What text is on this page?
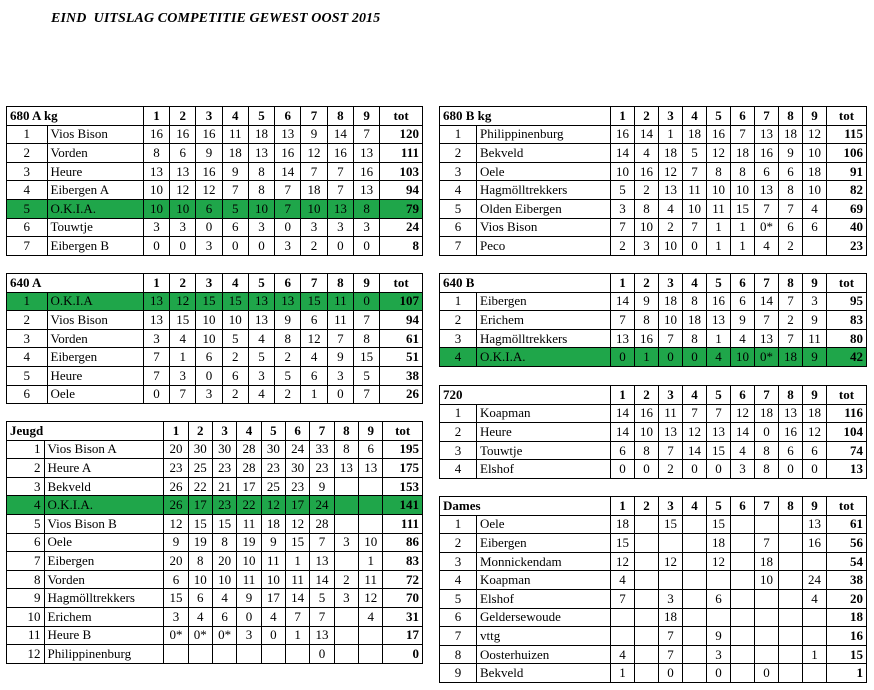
EIND  UITSLAG COMPETITIE GEWEST OOST 2015
680 A kg		1	2	3	4	5	6	7	8	9	tot
1	Vios Bison	16	16	16	11	18	13	9	14	7	120
2	Vorden	8	6	9	18	13	16	12	16	13	111
3	Heure	13	13	16	9	8	14	7	7	16	103
4	Eibergen A	10	12	12	7	8	7	18	7	13	94
5	O.K.I.A.	10	10	6	5	10	7	10	13	8	79
6	Touwtje	3	3	0	6	3	0	3	3	3	24
7	Eibergen B	0	0	3	0	0	3	2	0	0	8
680 B kg		1	2	3	4	5	6	7	8	9	tot
1	Philippinenburg	16	14	1	18	16	7	13	18	12	115
2	Bekveld	14	4	18	5	12	18	16	9	10	106
3	Oele	10	16	12	7	8	8	6	6	18	91
4	Hagmölltrekkers	5	2	13	11	10	10	13	8	10	82
5	Olden Eibergen	3	8	4	10	11	15	7	7	4	69
6	Vios Bison	7	10	2	7	1	1	0*	6	6	40
7	Peco	2	3	10	0	1	1	4	2		23
640 A		1	2	3	4	5	6	7	8	9	tot
1	O.K.I.A	13	12	15	15	13	13	15	11	0	107
2	Vios Bison	13	15	10	10	13	9	6	11	7	94
3	Vorden	3	4	10	5	4	8	12	7	8	61
4	Eibergen	7	1	6	2	5	2	4	9	15	51
5	Heure	7	3	0	6	3	5	6	3	5	38
6	Oele	0	7	3	2	4	2	1	0	7	26
640 B		1	2	3	4	5	6	7	8	9	tot
1	Eibergen	14	9	18	8	16	6	14	7	3	95
2	Erichem	7	8	10	18	13	9	7	2	9	83
3	Hagmölltrekkers	13	16	7	8	1	4	13	7	11	80
4	O.K.I.A.	0	1	0	0	4	10	0*	18	9	42
720		1	2	3	4	5	6	7	8	9	tot
1	Koapman	14	16	11	7	7	12	18	13	18	116
2	Heure	14	10	13	12	13	14	0	16	12	104
3	Touwtje	6	8	7	14	15	4	8	6	6	74
4	Elshof	0	0	2	0	0	3	8	0	0	13
Jeugd		1	2	3	4	5	6	7	8	9	tot
1	Vios Bison A	20	30	30	28	30	24	33	8	6	195
2	Heure A	23	25	23	28	23	30	23	13	13	175
3	Bekveld	26	22	21	17	25	23	9			153
4	O.K.I.A.	26	17	23	22	12	17	24			141
5	Vios Bison B	12	15	15	11	18	12	28			111
6	Oele	9	19	8	19	9	15	7	3	10	86
7	Eibergen	20	8	20	10	11	1	13		1	83
8	Vorden	6	10	10	11	10	11	14	2	11	72
9	Hagmölltrekkers	15	6	4	9	17	14	5	3	12	70
10	Erichem	3	4	6	0	4	7	7		4	31
11	Heure B	0*	0*	0*	3	0	1	13			17
12	Philippinenburg							0			0
Dames		1	2	3	4	5	6	7	8	9	tot
1	Oele	18		15		15				13	61
2	Eibergen	15				18		7		16	56
3	Monnickendam	12		12		12		18			54
4	Koapman	4						10		24	38
5	Elshof	7		3		6				4	20
6	Geldersewoude			18							18
7	vttg			7		9					16
8	Oosterhuizen	4		7		3				1	15
9	Bekveld	1		0		0		0			1
